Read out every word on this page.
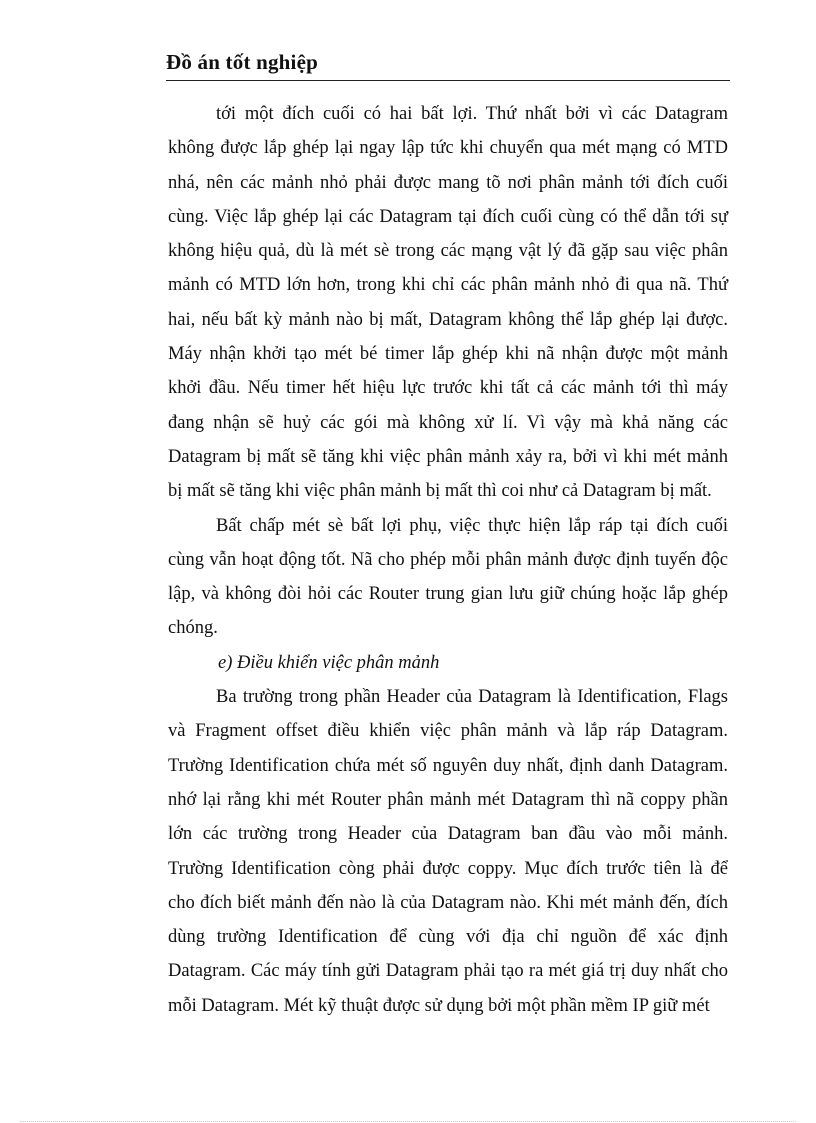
Đồ án tốt nghiệp
tới một đích cuối có hai bất lợi. Thứ nhất bởi vì các Datagram
không được lắp ghép lại ngay lập tức khi chuyển qua mét mạng có MTD
nhá, nên các mảnh nhỏ phải được mang tõ nơi phân mảnh tới đích cuối
cùng. Việc lắp ghép lại các Datagram tại đích cuối cùng có thể dẫn tới sự
không hiệu quả, dù là mét sè trong các mạng vật lý đã gặp sau việc phân
mảnh có MTD lớn hơn, trong khi chỉ các phân mảnh nhỏ đi qua nã. Thứ
hai, nếu bất kỳ mảnh nào bị mất, Datagram không thể lắp ghép lại được.
Máy nhận khởi tạo mét bé timer lắp ghép khi nã nhận được một mảnh
khởi đầu. Nếu timer hết hiệu lực trước khi tất cả các mảnh tới thì máy
đang nhận sẽ huỷ các gói mà không xử lí. Vì vậy mà khả năng các
Datagram bị mất sẽ tăng khi việc phân mảnh xảy ra, bởi vì khi mét mảnh
bị mất sẽ tăng khi việc phân mảnh bị mất thì coi như cả Datagram bị mất.
Bất chấp mét sè bất lợi phụ, việc thực hiện lắp ráp tại đích cuối
cùng vẫn hoạt động tốt. Nã cho phép mỗi phân mảnh được định tuyến độc
lập, và không đòi hỏi các Router trung gian lưu giữ chúng hoặc lắp ghép
chóng.
e) Điều khiển việc phân mảnh
Ba trường trong phần Header của Datagram là Identification, Flags
và Fragment offset điều khiển việc phân mảnh và lắp ráp Datagram.
Trường Identification chứa mét số nguyên duy nhất, định danh Datagram.
nhớ lại rằng khi mét Router phân mảnh mét Datagram thì nã coppy phần
lớn các trường trong Header của Datagram ban đầu vào mỗi mảnh.
Trường Identification còng phải được coppy. Mục đích trước tiên là để
cho đích biết mảnh đến nào là của Datagram nào. Khi mét mảnh đến, đích
dùng trường Identification để cùng với địa chỉ nguồn để xác định
Datagram. Các máy tính gửi Datagram phải tạo ra mét giá trị duy nhất cho
mỗi Datagram. Mét kỹ thuật được sử dụng bởi một phần mềm IP giữ mét
